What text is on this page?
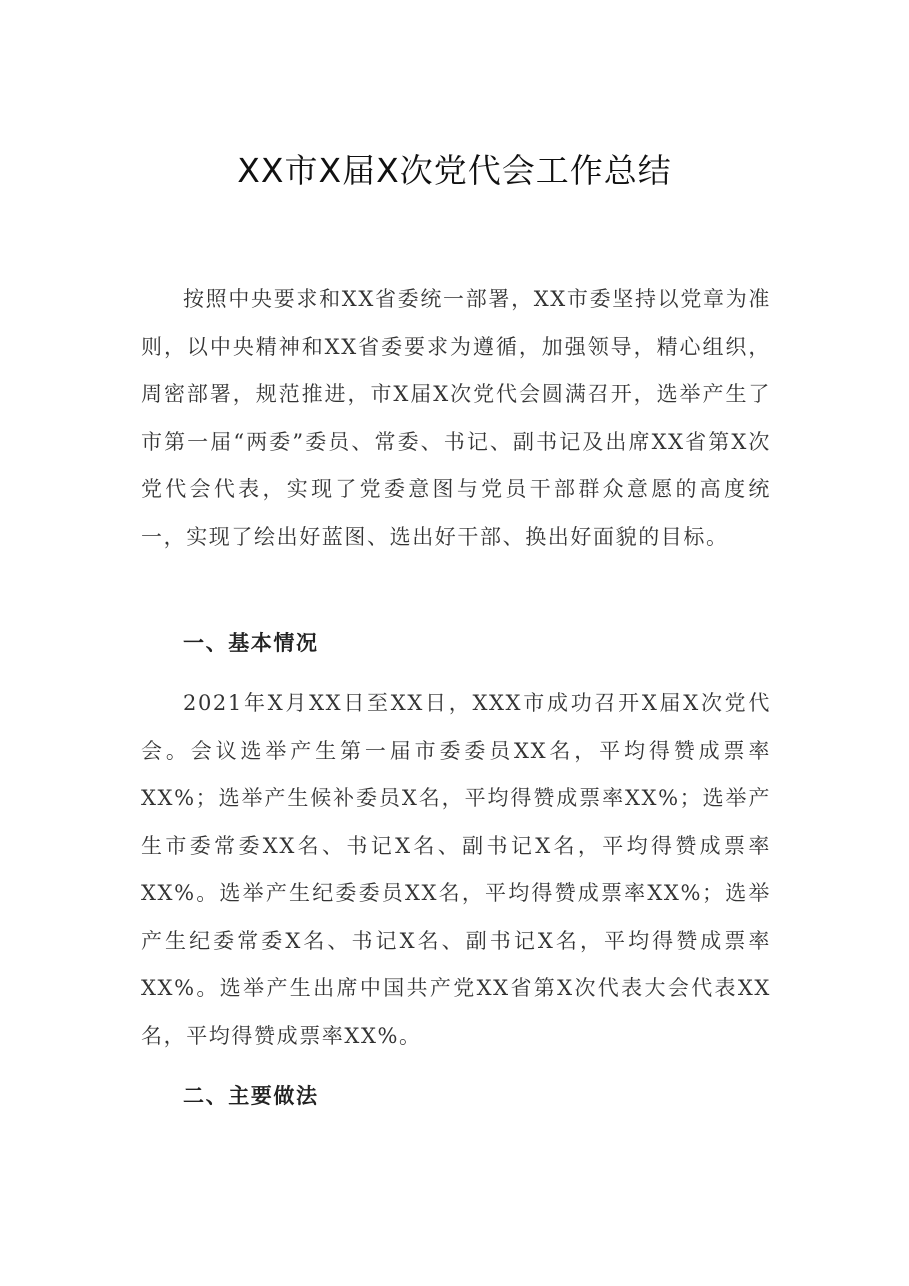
XX市X届X次党代会工作总结

按照中央要求和XX省委统一部署，XX市委坚持以党章为准则，以中央精神和XX省委要求为遵循，加强领导，精心组织，周密部署，规范推进，市X届X次党代会圆满召开，选举产生了市第一届“两委”委员、常委、书记、副书记及出席XX省第X次党代会代表，实现了党委意图与党员干部群众意愿的高度统一，实现了绘出好蓝图、选出好干部、换出好面貌的目标。

一、基本情况

2021年X月XX日至XX日，XXX市成功召开X届X次党代会。会议选举产生第一届市委委员XX名，平均得赞成票率XX%；选举产生候补委员X名，平均得赞成票率XX%；选举产生市委常委XX名、书记X名、副书记X名，平均得赞成票率XX%。选举产生纪委委员XX名，平均得赞成票率XX%；选举产生纪委常委X名、书记X名、副书记X名，平均得赞成票率XX%。选举产生出席中国共产党XX省第X次代表大会代表XX名，平均得赞成票率XX%。

二、主要做法
